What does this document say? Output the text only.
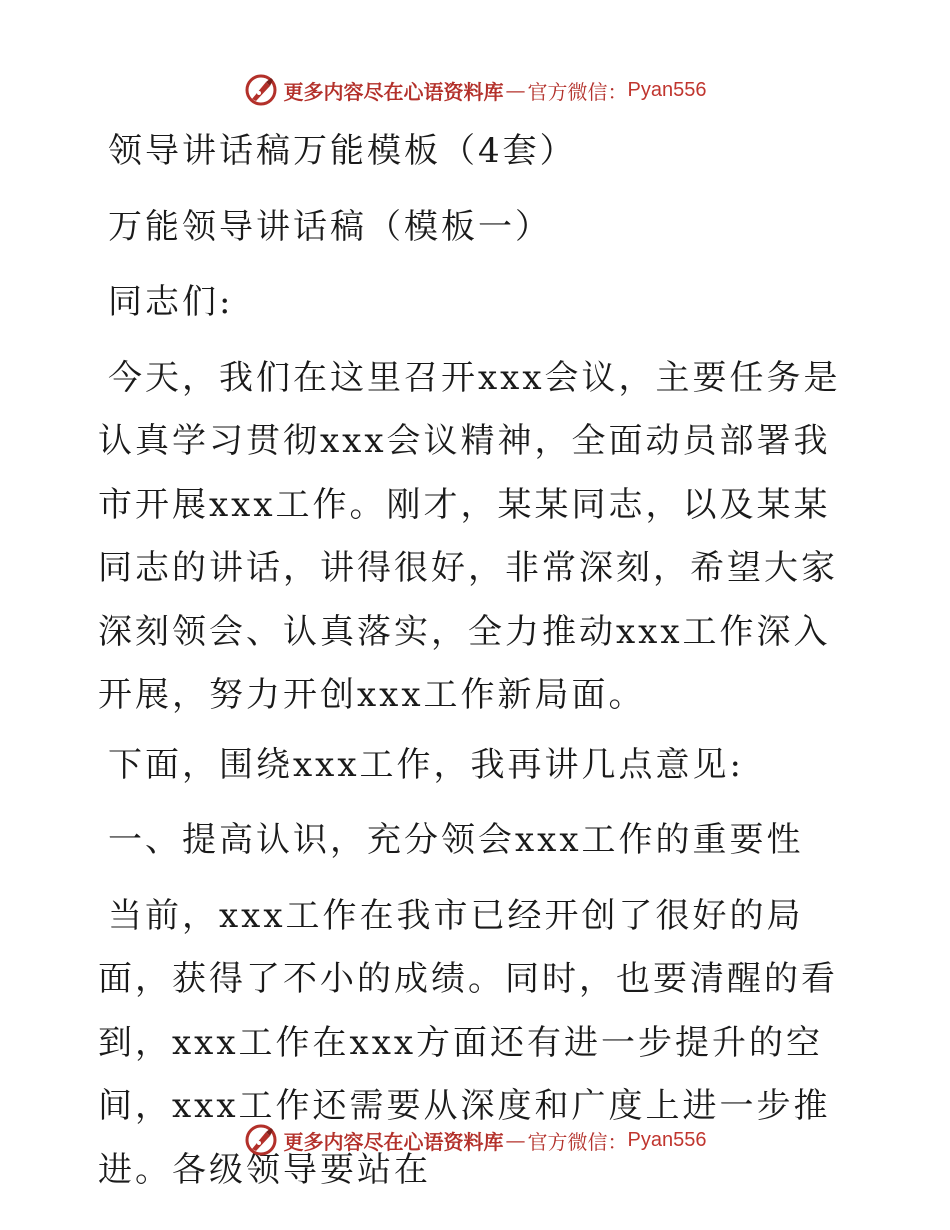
更多内容尽在心语资料库 — 官方微信： Pyan556

领导讲话稿万能模板（4套）

万能领导讲话稿（模板一）

同志们:

今天，我们在这里召开xxx会议，主要任务是认真学习贯彻xxx会议精神，全面动员部署我市开展xxx工作。刚才，某某同志，以及某某同志的讲话，讲得很好，非常深刻，希望大家深刻领会、认真落实，全力推动xxx工作深入开展，努力开创xxx工作新局面。

下面，围绕xxx工作，我再讲几点意见:

一、提高认识，充分领会xxx工作的重要性

当前，xxx工作在我市已经开创了很好的局面，获得了不小的成绩。同时，也要清醒的看到，xxx工作在xxx方面还有进一步提升的空间，xxx工作还需要从深度和广度上进一步推进。各级领导要站在

更多内容尽在心语资料库 — 官方微信： Pyan556
